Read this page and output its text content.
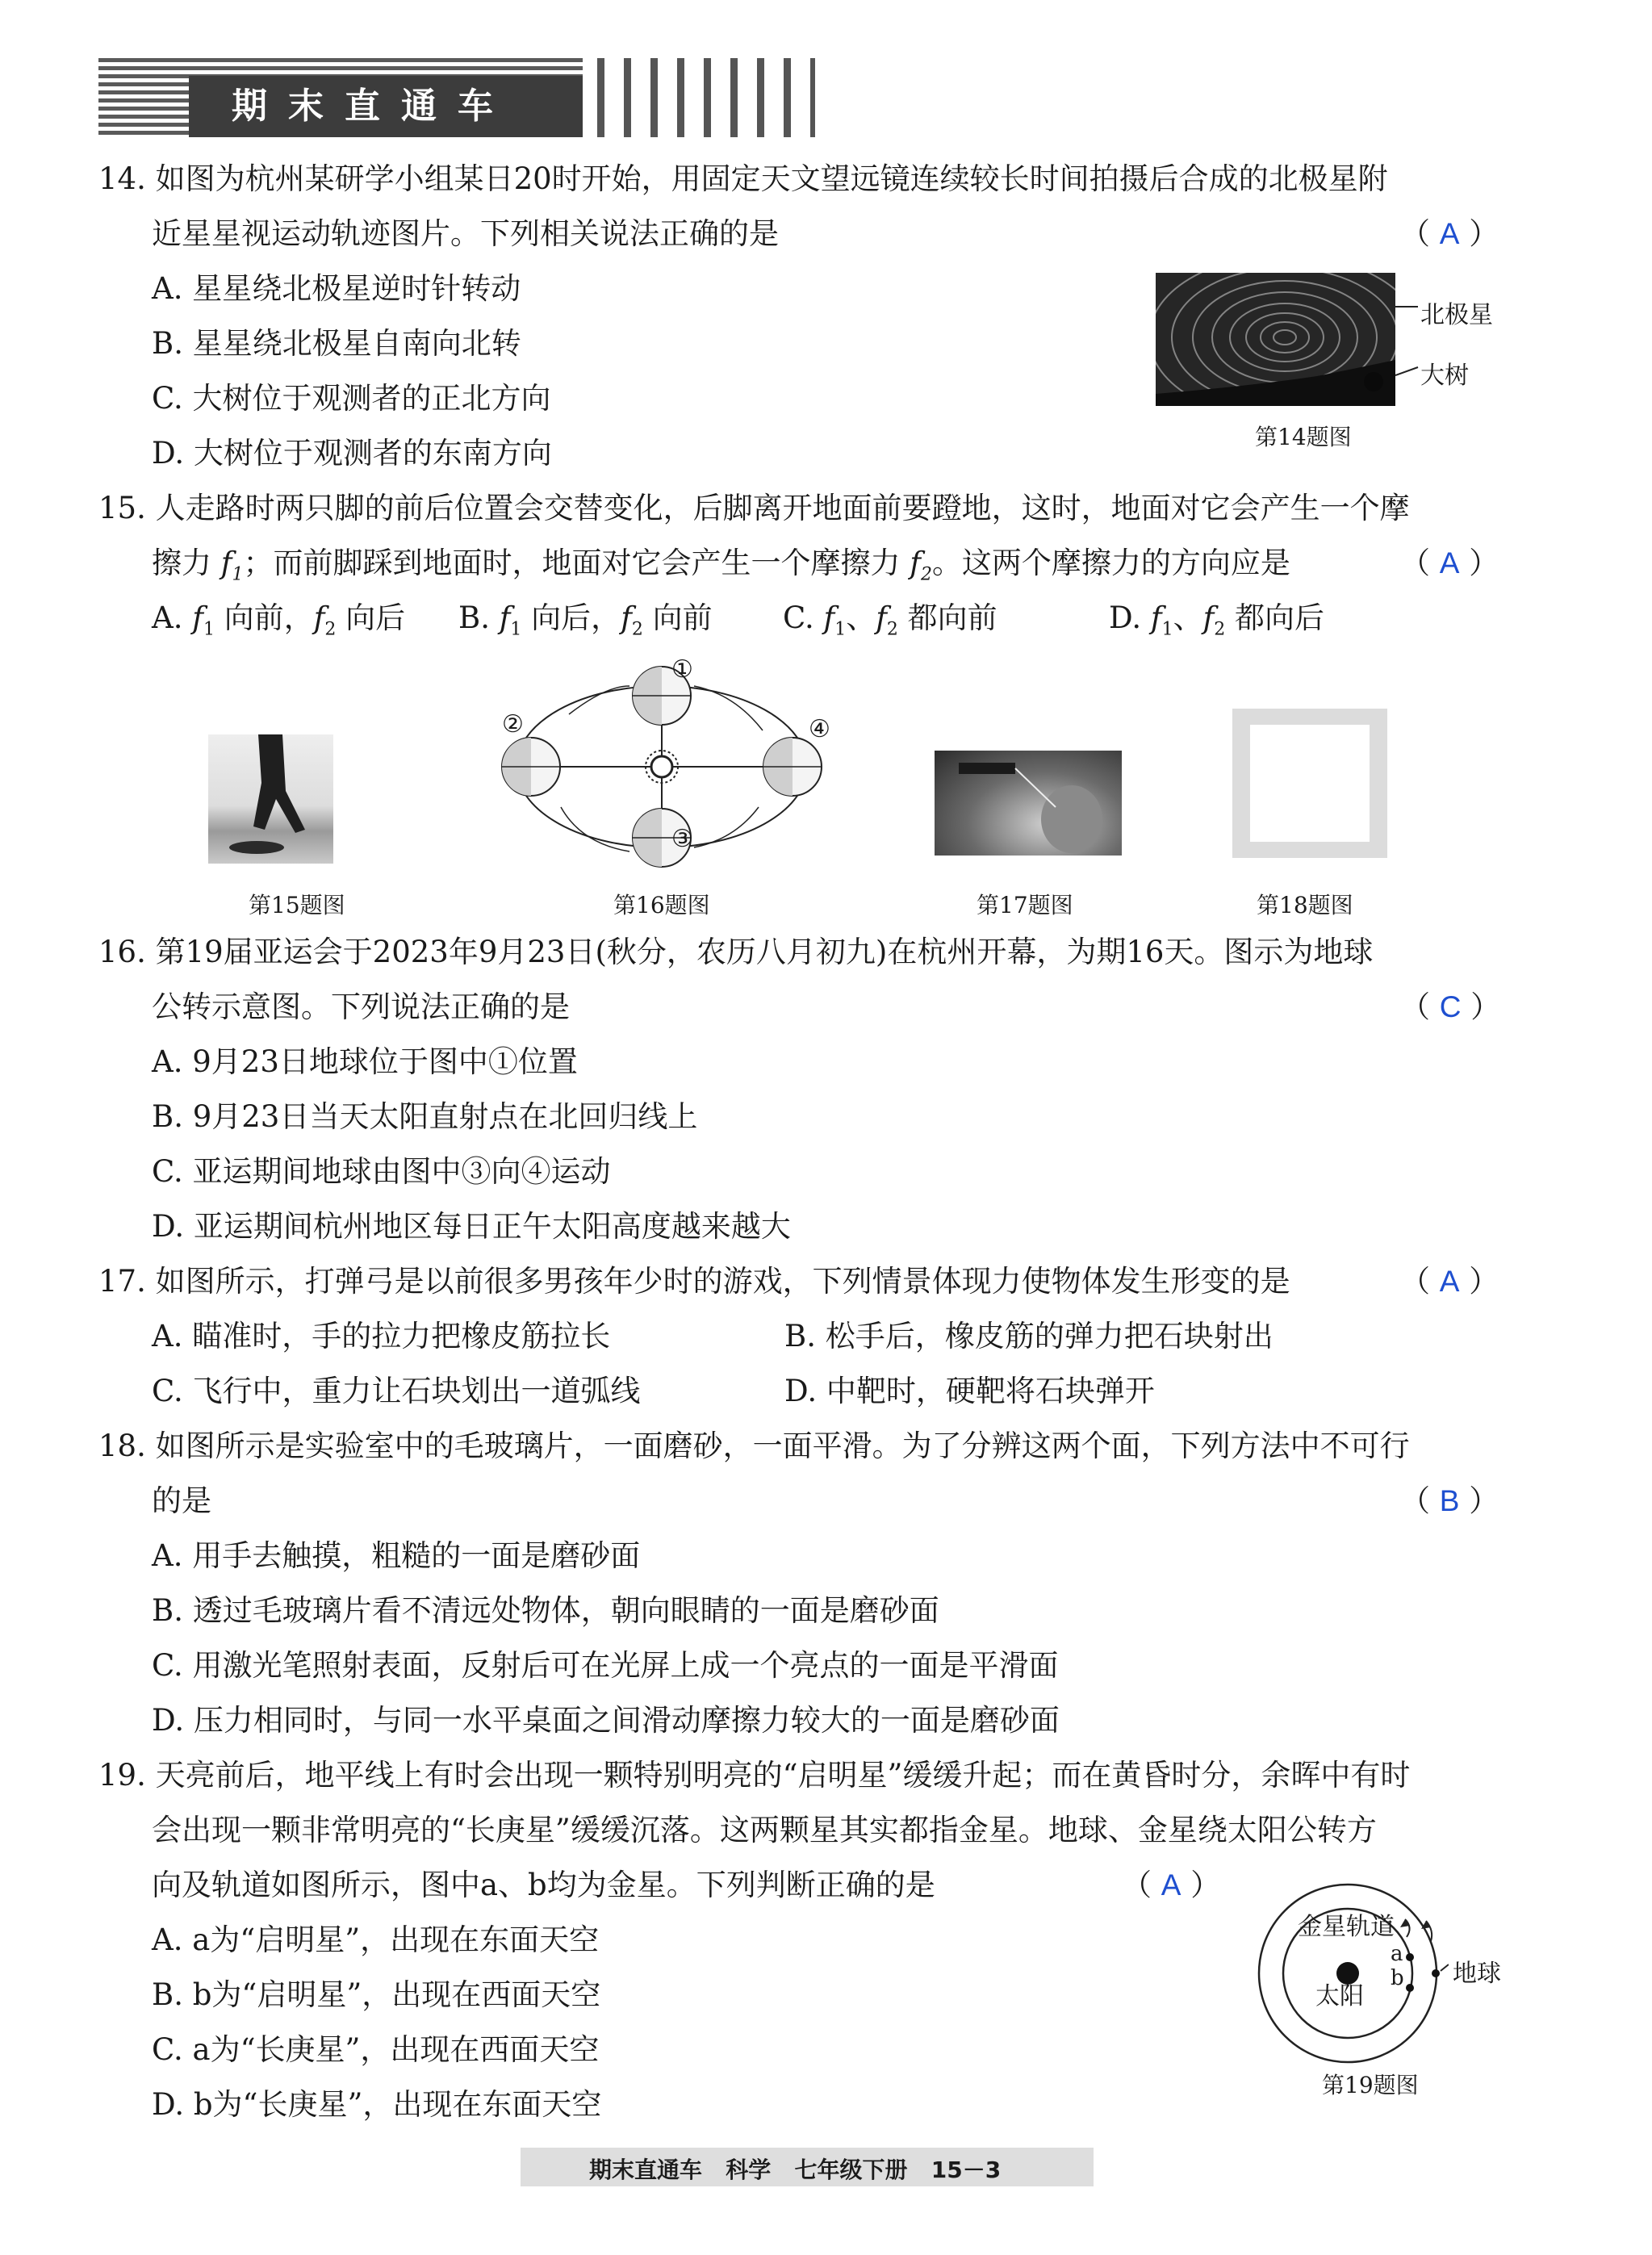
期末直通车
14. 如图为杭州某研学小组某日20时开始，用固定天文望远镜连续较长时间拍摄后合成的北极星附
近星星视运动轨迹图片。下列相关说法正确的是	（ A ）
A. 星星绕北极星逆时针转动
B. 星星绕北极星自南向北转
C. 大树位于观测者的正北方向
D. 大树位于观测者的东南方向
北极星
大树
第14题图
15. 人走路时两只脚的前后位置会交替变化，后脚离开地面前要蹬地，这时，地面对它会产生一个摩
擦力 $f_1$；而前脚踩到地面时，地面对它会产生一个摩擦力 $f_2$。这两个摩擦力的方向应是	（ A ）
A. $f_1$ 向前，$f_2$ 向后 B. $f_1$ 向后，$f_2$ 向前 C. $f_1$、$f_2$ 都向前	D. $f_1$、$f_2$ 都向后
第15题图
①
②
③
④
第16题图	第17题图	第18题图
16. 第19届亚运会于2023年9月23日(秋分，农历八月初九)在杭州开幕，为期16天。图示为地球
公转示意图。下列说法正确的是	（ C ）
A. 9月23日地球位于图中①位置
B. 9月23日当天太阳直射点在北回归线上
C. 亚运期间地球由图中③向④运动
D. 亚运期间杭州地区每日正午太阳高度越来越大
17. 如图所示，打弹弓是以前很多男孩年少时的游戏，下列情景体现力使物体发生形变的是	（ A ）
A. 瞄准时，手的拉力把橡皮筋拉长	B. 松手后，橡皮筋的弹力把石块射出
C. 飞行中，重力让石块划出一道弧线	D. 中靶时，硬靶将石块弹开
18. 如图所示是实验室中的毛玻璃片，一面磨砂，一面平滑。为了分辨这两个面，下列方法中不可行
的是	（ B ）
A. 用手去触摸，粗糙的一面是磨砂面
B. 透过毛玻璃片看不清远处物体，朝向眼睛的一面是磨砂面
C. 用激光笔照射表面，反射后可在光屏上成一个亮点的一面是平滑面
D. 压力相同时，与同一水平桌面之间滑动摩擦力较大的一面是磨砂面
19. 天亮前后，地平线上有时会出现一颗特别明亮的“启明星”缓缓升起；而在黄昏时分，余晖中有时
会出现一颗非常明亮的“长庚星”缓缓沉落。这两颗星其实都指金星。地球、金星绕太阳公转方
向及轨道如图所示，图中a、b均为金星。下列判断正确的是	（ A ）
A. a为“启明星”，出现在东面天空
B. b为“启明星”，出现在西面天空
C. a为“长庚星”，出现在西面天空
D. b为“长庚星”，出现在东面天空
金星轨道
太阳
a
b 地球
第19题图
期末直通车   科学   七年级下册   15－3
